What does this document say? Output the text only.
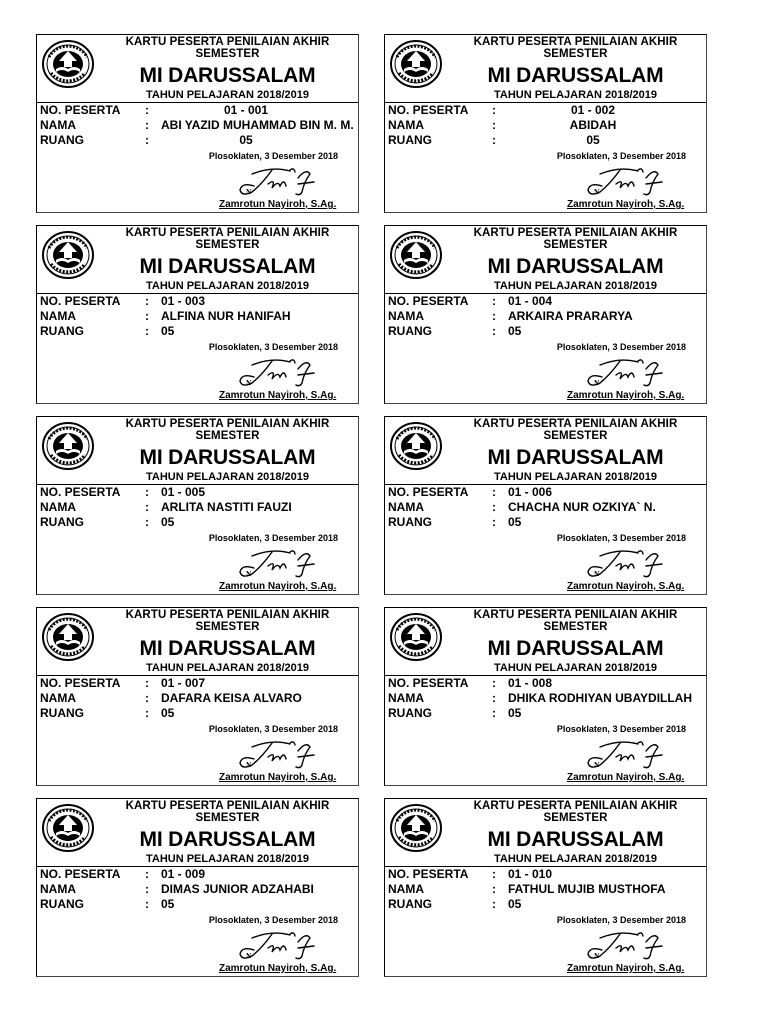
KARTU PESERTA PENILAIAN AKHIR
SEMESTER
MI DARUSSALAM
TAHUN PELAJARAN 2018/2019
NO. PESERTA :	01 - 001
NAMA	: ABI YAZID MUHAMMAD BIN M. M.
RUANG	:	05
Plosoklaten, 3 Desember 2018
N
Zamrotun Nayiroh, S.Ag.
KARTU PESERTA PENILAIAN AKHIR
SEMESTER
MI DARUSSALAM
TAHUN PELAJARAN 2018/2019
NO. PESERTA :	01 - 002
NAMA	:	ABIDAH
RUANG	:	05
Plosoklaten, 3 Desember 2018
N
Zamrotun Nayiroh, S.Ag.
KARTU PESERTA PENILAIAN AKHIR
SEMESTER
MI DARUSSALAM
TAHUN PELAJARAN 2018/2019
NO. PESERTA : 01 - 003
NAMA	: ALFINA NUR HANIFAH
RUANG	: 05
Plosoklaten, 3 Desember 2018
N
Zamrotun Nayiroh, S.Ag.
KARTU PESERTA PENILAIAN AKHIR
SEMESTER
MI DARUSSALAM
TAHUN PELAJARAN 2018/2019
NO. PESERTA : 01 - 004
NAMA	: ARKAIRA PRARARYA
RUANG	: 05
Plosoklaten, 3 Desember 2018
N
Zamrotun Nayiroh, S.Ag.
KARTU PESERTA PENILAIAN AKHIR
SEMESTER
MI DARUSSALAM
TAHUN PELAJARAN 2018/2019
NO. PESERTA : 01 - 005
NAMA	: ARLITA NASTITI FAUZI
RUANG	: 05
Plosoklaten, 3 Desember 2018
N
Zamrotun Nayiroh, S.Ag.
KARTU PESERTA PENILAIAN AKHIR
SEMESTER
MI DARUSSALAM
TAHUN PELAJARAN 2018/2019
NO. PESERTA : 01 - 006
NAMA	: CHACHA NUR OZKIYA` N.
RUANG	: 05
Plosoklaten, 3 Desember 2018
N
Zamrotun Nayiroh, S.Ag.
KARTU PESERTA PENILAIAN AKHIR
SEMESTER
MI DARUSSALAM
TAHUN PELAJARAN 2018/2019
NO. PESERTA : 01 - 007
NAMA	: DAFARA KEISA ALVARO
RUANG	: 05
Plosoklaten, 3 Desember 2018
N
Zamrotun Nayiroh, S.Ag.
KARTU PESERTA PENILAIAN AKHIR
SEMESTER
MI DARUSSALAM
TAHUN PELAJARAN 2018/2019
NO. PESERTA : 01 - 008
NAMA	: DHIKA RODHIYAN UBAYDILLAH
RUANG	: 05
Plosoklaten, 3 Desember 2018
N
Zamrotun Nayiroh, S.Ag.
KARTU PESERTA PENILAIAN AKHIR
SEMESTER
MI DARUSSALAM
TAHUN PELAJARAN 2018/2019
NO. PESERTA : 01 - 009
NAMA	: DIMAS JUNIOR ADZAHABI
RUANG	: 05
Plosoklaten, 3 Desember 2018
N
Zamrotun Nayiroh, S.Ag.
KARTU PESERTA PENILAIAN AKHIR
SEMESTER
MI DARUSSALAM
TAHUN PELAJARAN 2018/2019
NO. PESERTA : 01 - 010
NAMA	: FATHUL MUJIB MUSTHOFA
RUANG	: 05
Plosoklaten, 3 Desember 2018
N
Zamrotun Nayiroh, S.Ag.
